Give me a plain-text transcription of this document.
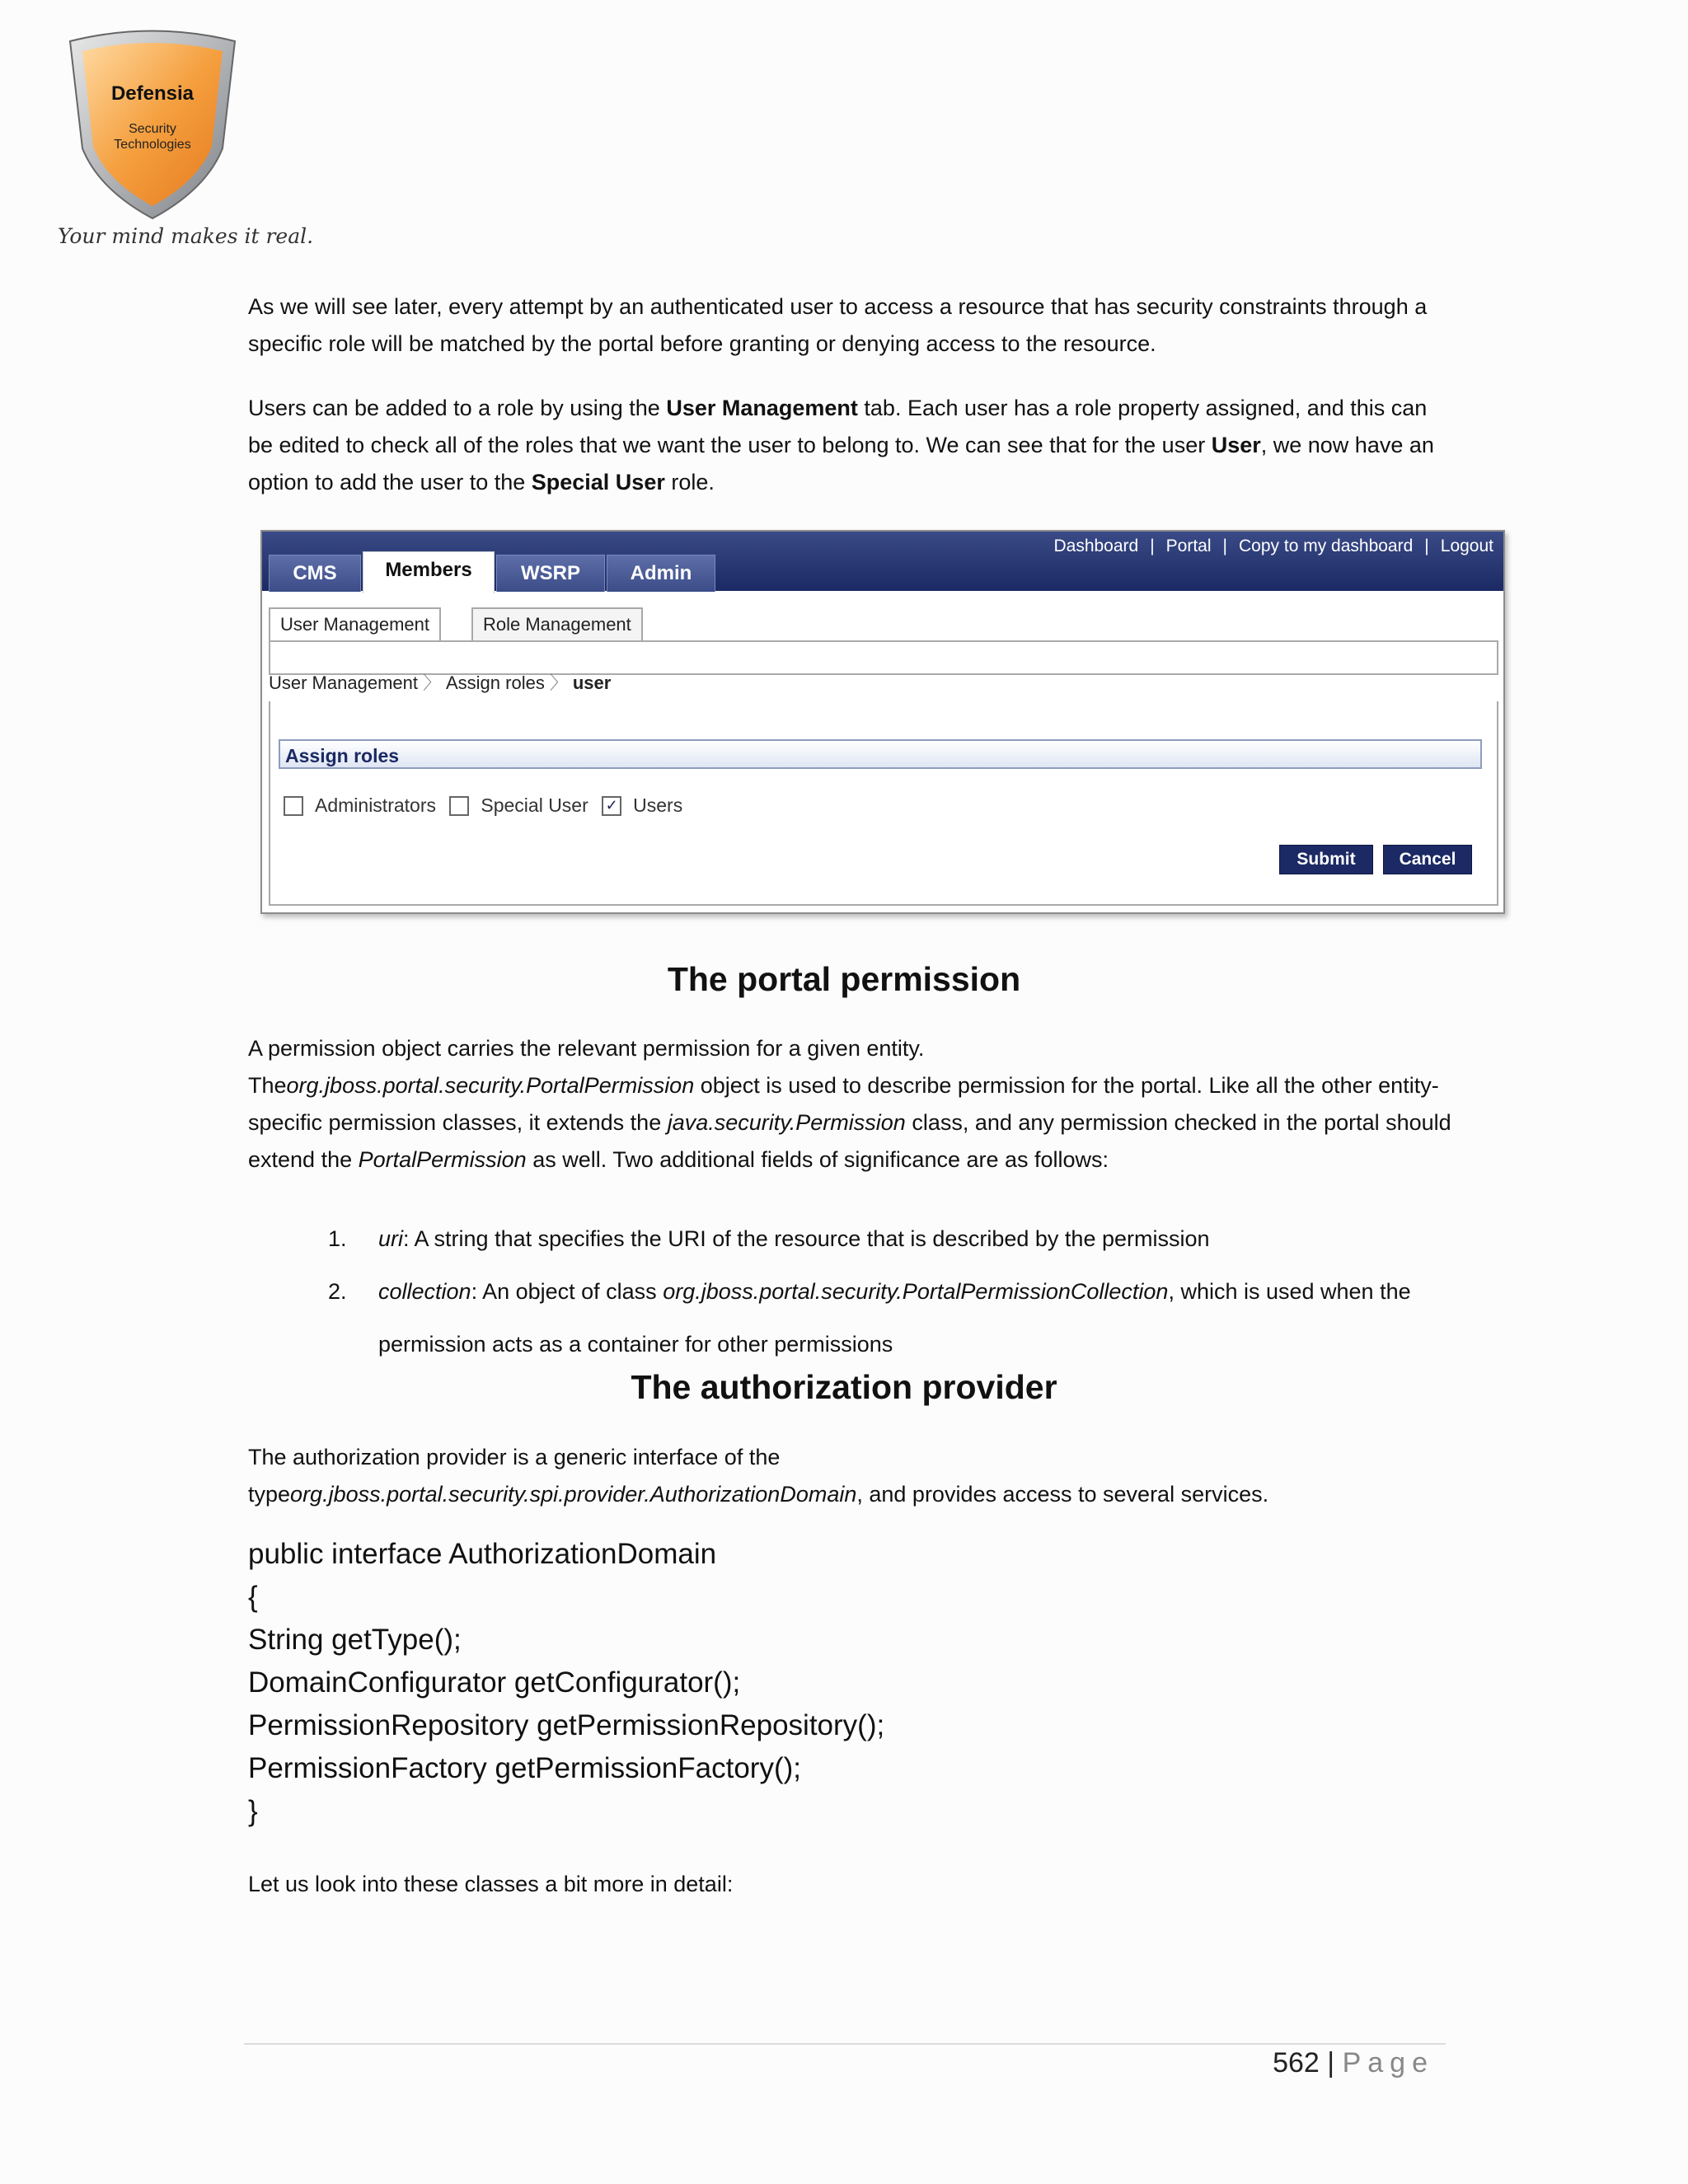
Defensia
Security
Technologies
Your mind makes it real.
As we will see later, every attempt by an authenticated user to access a resource that has security constraints through a specific role will be matched by the portal before granting or denying access to the resource.
Users can be added to a role by using the User Management tab. Each user has a role property assigned, and this can be edited to check all of the roles that we want the user to belong to. We can see that for the user User, we now have an option to add the user to the Special User role.
Dashboard | Portal | Copy to my dashboard | Logout
CMS	Members	WSRP	Admin
User Management	Role Management
User Management 〉 Assign roles 〉 user
Assign roles
Administrators Special User ✓ Users
Submit	Cancel
The portal permission
A permission object carries the relevant permission for a given entity.
Theorg.jboss.portal.security.PortalPermission object is used to describe permission for the portal. Like all the other entity-specific permission classes, it extends the java.security.Permission class, and any permission checked in the portal should extend the PortalPermission as well. Two additional fields of significance are as follows:
1. uri: A string that specifies the URI of the resource that is described by the permission
2. collection: An object of class org.jboss.portal.security.PortalPermissionCollection, which is used when the
permission acts as a container for other permissions
The authorization provider
The authorization provider is a generic interface of the
typeorg.jboss.portal.security.spi.provider.AuthorizationDomain, and provides access to several services.
public interface AuthorizationDomain
{
String getType();
DomainConfigurator getConfigurator();
PermissionRepository getPermissionRepository();
PermissionFactory getPermissionFactory();
}
Let us look into these classes a bit more in detail:
562 | Page
